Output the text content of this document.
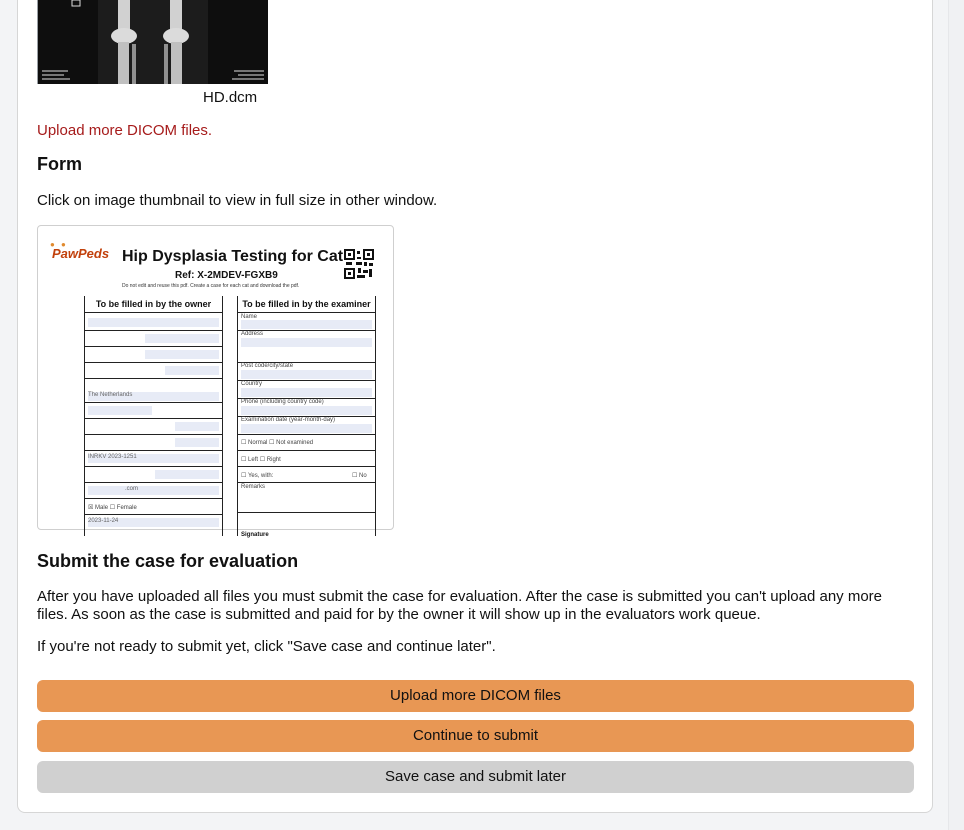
HD.dcm
Upload more DICOM files.
Form
Click on image thumbnail to view in full size in other window.
● ●
PawPeds Hip Dysplasia Testing for Cat
Ref: X-2MDEV-FGXB9
Do not edit and reuse this pdf. Create a case for each cat and download the pdf.
To be filled in by the owner
The Netherlands
INRKV 2023-1251
.com
☒ Male ☐ Female
2023-11-24
To be filled in by the examiner
Name
Address
Post code/city/state
Country
Phone (including country code)
Examination date (year-month-day)
☐ Normal ☐ Not examined
☐ Left ☐ Right
☐ Yes, with:	☐ No
Remarks
Signature
Submit the case for evaluation
After you have uploaded all files you must submit the case for evaluation. After the case is submitted you can't upload any more files. As soon as the case is submitted and paid for by the owner it will show up in the evaluators work queue.
If you're not ready to submit yet, click "Save case and continue later".
Upload more DICOM files
Continue to submit
Save case and submit later
